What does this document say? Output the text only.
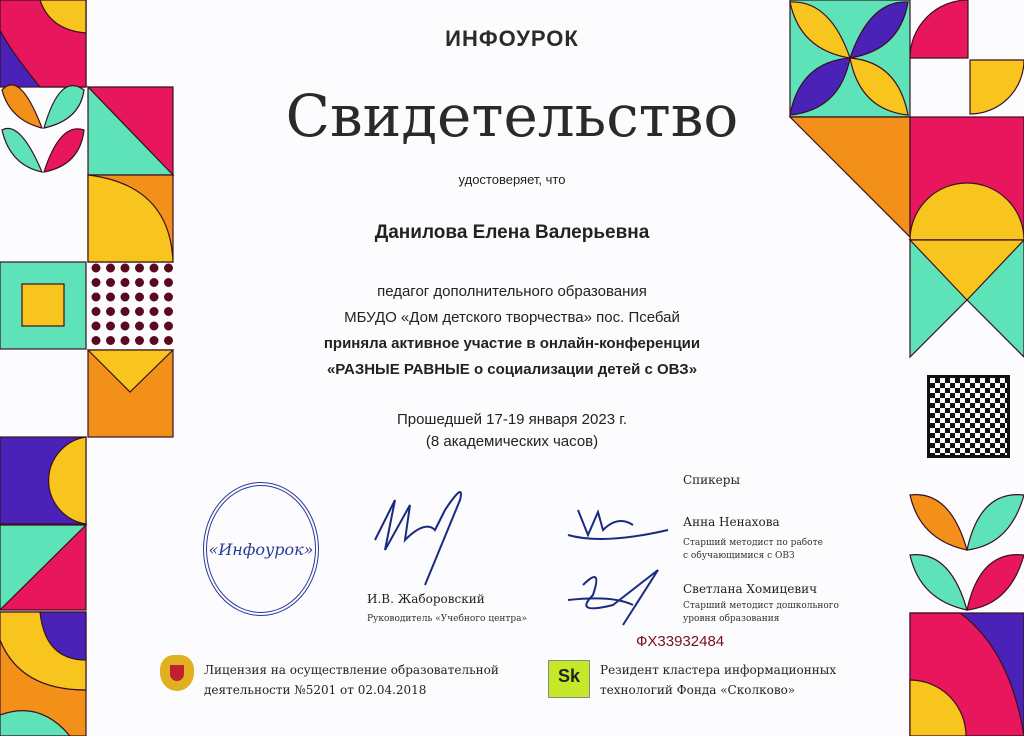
ИНФОУРОК
Свидетельство
удостоверяет, что
Данилова Елена Валерьевна
педагог дополнительного образования
МБУДО «Дом детского творчества» пос. Псебай
приняла активное участие в онлайн-конференции
«РАЗНЫЕ РАВНЫЕ о социализации детей с ОВЗ»
Прошедшей 17-19 января 2023 г.
(8 академических часов)
«Инфоурок»
И.В. Жаборовский
Руководитель «Учебного центра»
Спикеры
Анна Ненахова
Старший методист по работе
с обучающимися с ОВЗ
Светлана Хомицевич
Старший методист дошкольного
уровня образования
ФХ33932484
Лицензия на осуществление образовательной
деятельности №5201 от 02.04.2018
Sk	Резидент кластера информационных
технологий Фонда «Сколково»
